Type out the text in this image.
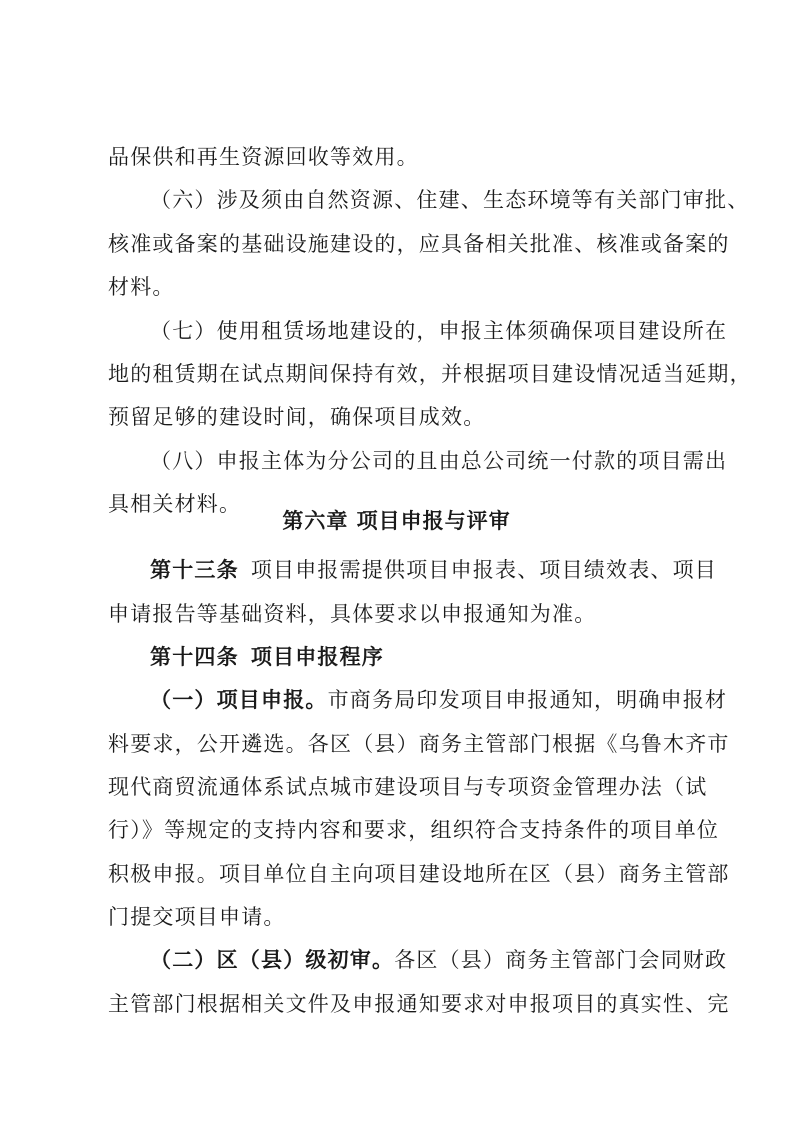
品保供和再生资源回收等效用。
（六）涉及须由自然资源、住建、生态环境等有关部门审批、
核准或备案的基础设施建设的，应具备相关批准、核准或备案的
材料。
（七）使用租赁场地建设的，申报主体须确保项目建设所在
地的租赁期在试点期间保持有效，并根据项目建设情况适当延期，
预留足够的建设时间，确保项目成效。
（八）申报主体为分公司的且由总公司统一付款的项目需出
具相关材料。
第六章 项目申报与评审
第十三条 项目申报需提供项目申报表、项目绩效表、项目
申请报告等基础资料，具体要求以申报通知为准。
第十四条 项目申报程序
（一）项目申报。市商务局印发项目申报通知，明确申报材
料要求，公开遴选。各区（县）商务主管部门根据《乌鲁木齐市
现代商贸流通体系试点城市建设项目与专项资金管理办法（试
行）》等规定的支持内容和要求，组织符合支持条件的项目单位
积极申报。项目单位自主向项目建设地所在区（县）商务主管部
门提交项目申请。
（二）区（县）级初审。各区（县）商务主管部门会同财政
主管部门根据相关文件及申报通知要求对申报项目的真实性、完
